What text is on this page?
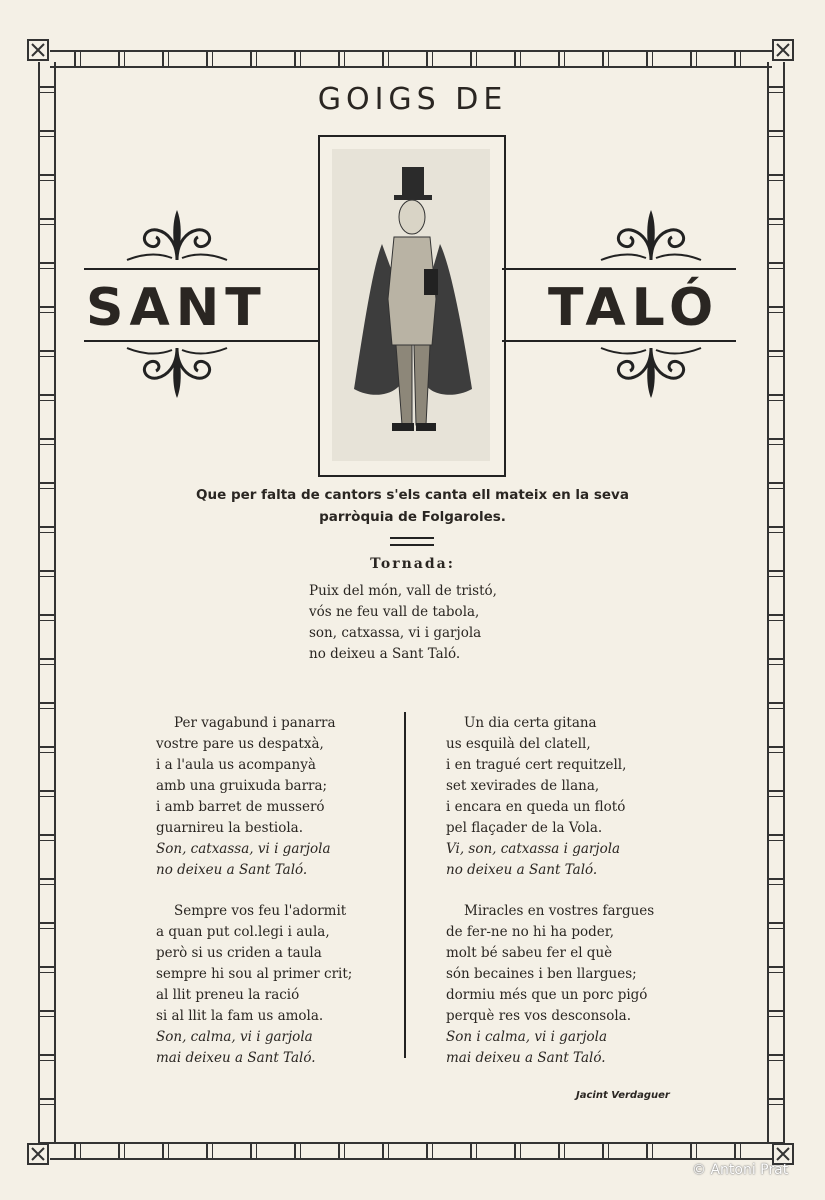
GOIGS DE
SANT	TALÓ
Que per falta de cantors s'els canta ell mateix en la seva
parròquia de Folgaroles.
Tornada:
Puix del món, vall de tristó,
vós ne feu vall de tabola,
son, catxassa, vi i garjola
no deixeu a Sant Taló.

Per vagabund i panarra

vostre pare us despatxà,

i a l'aula us acompanyà

amb una gruixuda barra;

i amb barret de musseró

guarnireu la bestiola.

Son, catxassa, vi i garjola

no deixeu a Sant Taló.

Sempre vos feu l'adormit

a quan put col.legi i aula,

però si us criden a taula

sempre hi sou al primer crit;

al llit preneu la ració

si al llit la fam us amola.

Son, calma, vi i garjola

mai deixeu a Sant Taló.

Un dia certa gitana

us esquilà del clatell,

i en tragué cert requitzell,

set xevirades de llana,

i encara en queda un flotó

pel flaçader de la Vola.

Vi, son, catxassa i garjola

no deixeu a Sant Taló.

Miracles en vostres fargues

de fer-ne no hi ha poder,

molt bé sabeu fer el què

són becaines i ben llargues;

dormiu més que un porc pigó

perquè res vos desconsola.

Son i calma, vi i garjola

mai deixeu a Sant Taló.

Jacint Verdaguer
© Antoni Prat
